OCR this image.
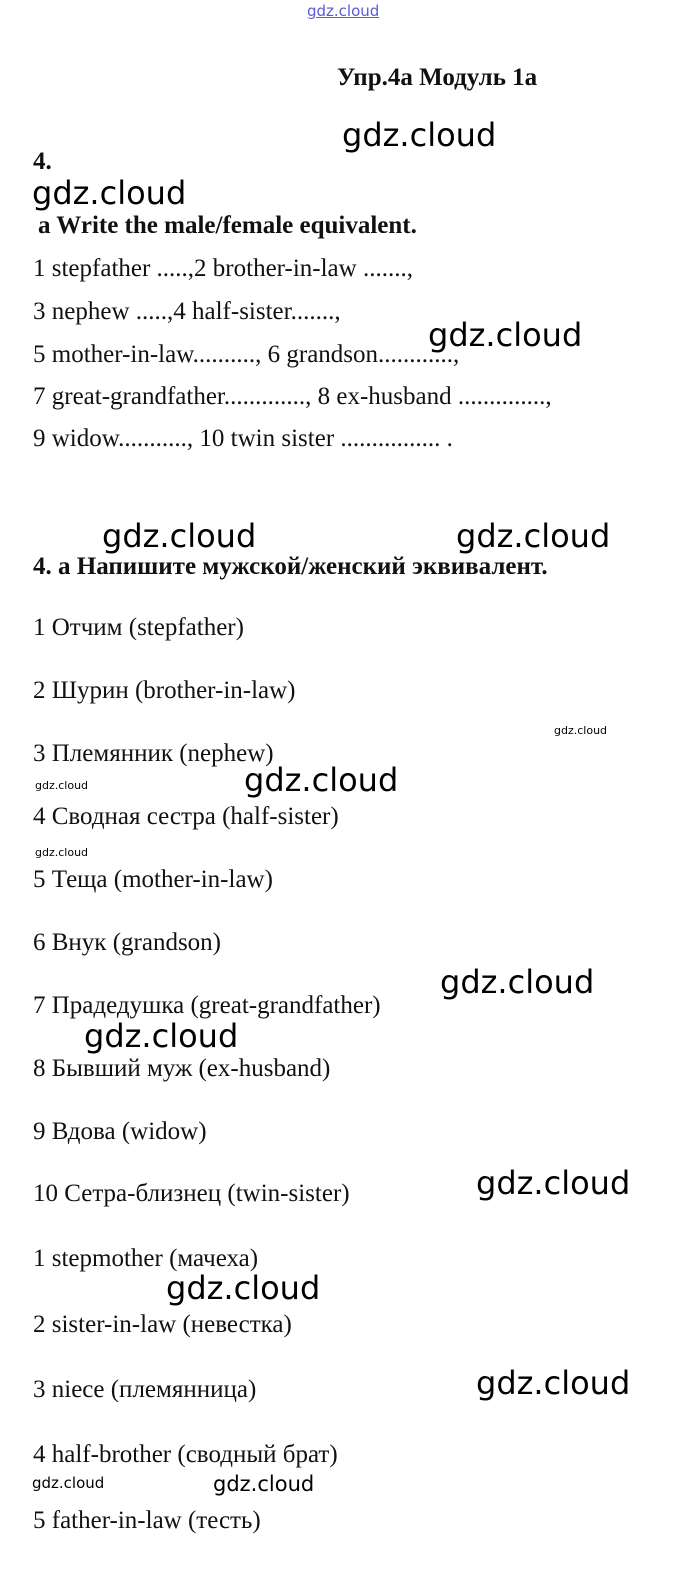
gdz.cloud
Упр.4а Модуль 1а
gdz.cloud
4.
gdz.cloud
a Write the male/female equivalent.
1 stepfather .....,2 brother-in-law .......,
3 nephew .....,4 half-sister.......,
5 mother-in-law.........., 6 grandson............,
7 great-grandfather............., 8 ex-husband ..............,
9 widow..........., 10 twin sister ................ .
gdz.cloud
gdz.cloud	gdz.cloud
4. а Напишите мужской/женский эквивалент.
1 Отчим (stepfather)
2 Шурин (brother-in-law)
gdz.cloud
3 Племянник (nephew)
gdz.cloud	gdz.cloud
4 Сводная сестра (half-sister)
gdz.cloud
5 Теща (mother-in-law)
6 Внук (grandson)
gdz.cloud
7 Прадедушка (great-grandfather)
gdz.cloud
8 Бывший муж (ex-husband)
9 Вдова (widow)
gdz.cloud
10 Сетра-близнец (twin-sister)
1 stepmother (мачеха)
gdz.cloud
2 sister-in-law (невестка)
gdz.cloud
3 niece (племянница)
4 half-brother (сводный брат)
gdz.cloud
gdz.cloud
5 father-in-law (тесть)
